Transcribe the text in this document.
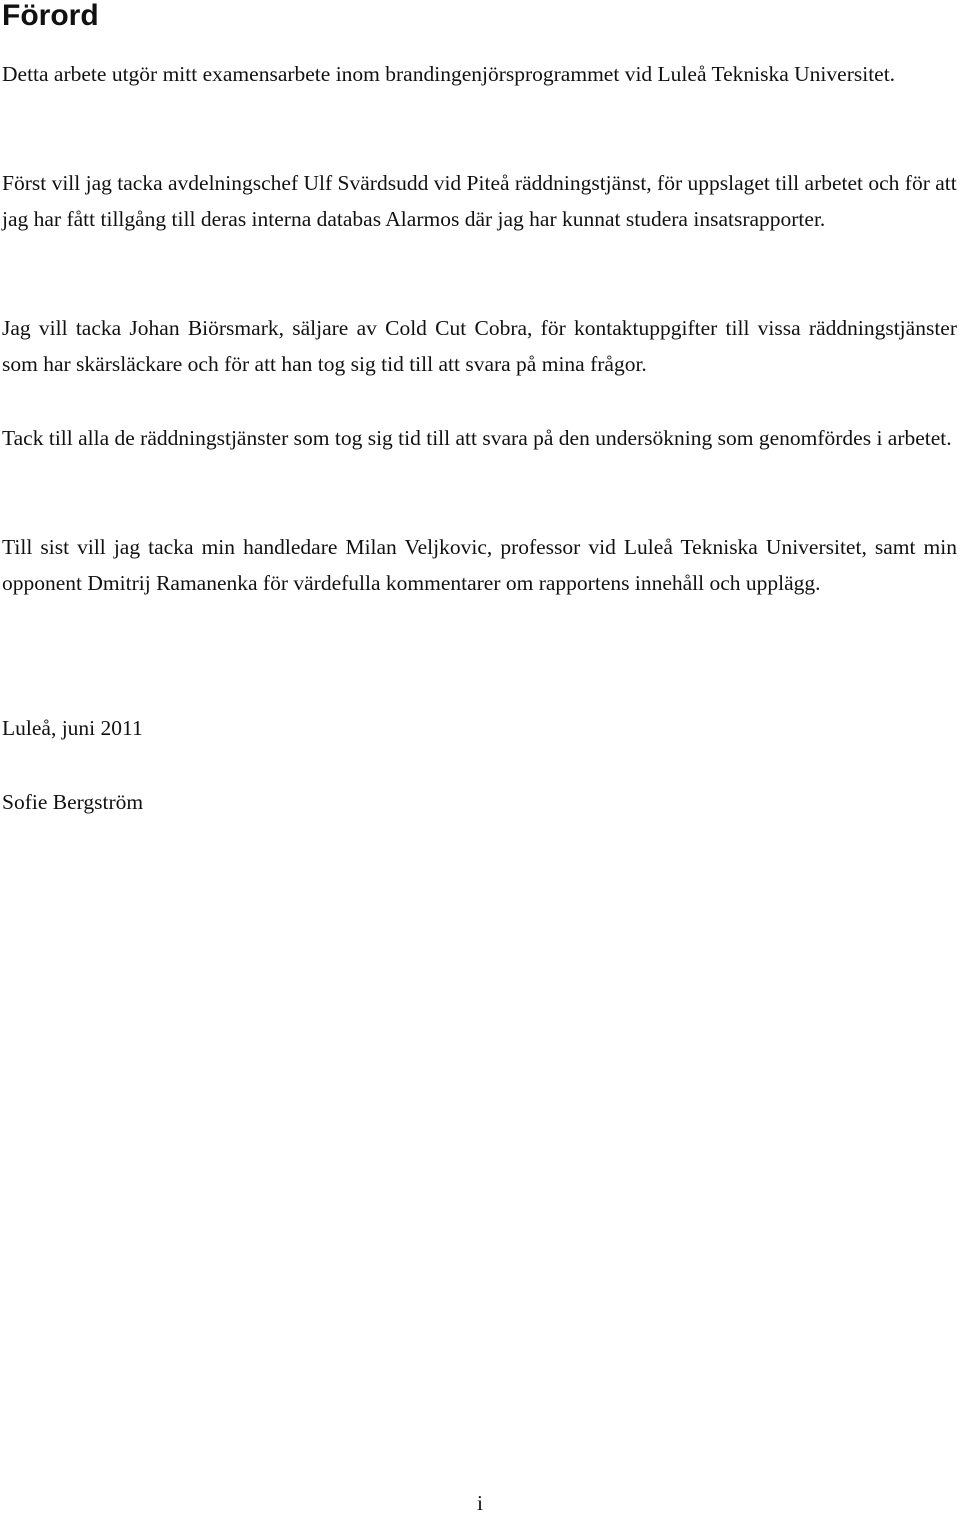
Förord

Detta arbete utgör mitt examensarbete inom brandingenjörsprogrammet vid Luleå Tekniska Universitet.

Först vill jag tacka avdelningschef Ulf Svärdsudd vid Piteå räddningstjänst, för uppslaget till arbetet och för att jag har fått tillgång till deras interna databas Alarmos där jag har kunnat studera insatsrapporter.

Jag vill tacka Johan Biörsmark, säljare av Cold Cut Cobra, för kontaktuppgifter till vissa räddningstjänster som har skärsläckare och för att han tog sig tid till att svara på mina frågor.

Tack till alla de räddningstjänster som tog sig tid till att svara på den undersökning som genomfördes i arbetet.

Till sist vill jag tacka min handledare Milan Veljkovic, professor vid Luleå Tekniska Universitet, samt min opponent Dmitrij Ramanenka för värdefulla kommentarer om rapportens innehåll och upplägg.

Luleå, juni 2011

Sofie Bergström

i
